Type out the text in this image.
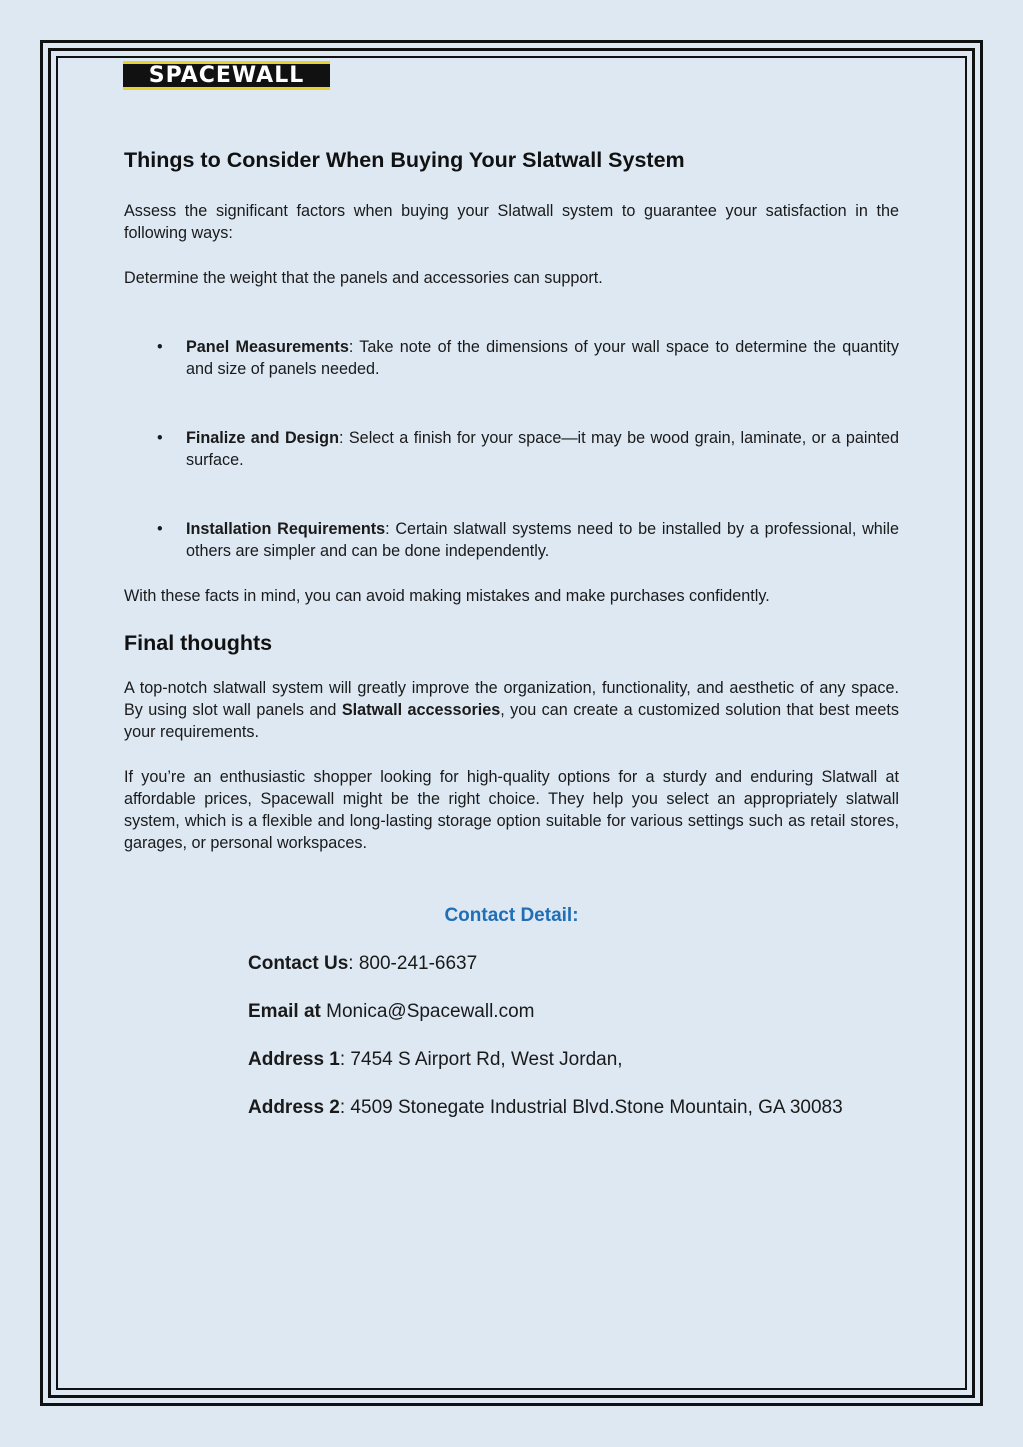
SPACEWALL
Things to Consider When Buying Your Slatwall System

Assess the significant factors when buying your Slatwall system to guarantee your satisfaction in the following ways:

Determine the weight that the panels and accessories can support.

• Panel Measurements: Take note of the dimensions of your wall space to determine the quantity and size of panels needed.
• Finalize and Design: Select a finish for your space—it may be wood grain, laminate, or a painted surface.
• Installation Requirements: Certain slatwall systems need to be installed by a professional, while others are simpler and can be done independently.

With these facts in mind, you can avoid making mistakes and make purchases confidently.

Final thoughts

A top-notch slatwall system will greatly improve the organization, functionality, and aesthetic of any space. By using slot wall panels and Slatwall accessories, you can create a customized solution that best meets your requirements.

If you’re an enthusiastic shopper looking for high-quality options for a sturdy and enduring Slatwall at affordable prices, Spacewall might be the right choice. They help you select an appropriately slatwall system, which is a flexible and long-lasting storage option suitable for various settings such as retail stores, garages, or personal workspaces.

Contact Detail:
Contact Us: 800-241-6637
Email at Monica@Spacewall.com
Address 1: 7454 S Airport Rd, West Jordan,
Address 2: 4509 Stonegate Industrial Blvd.Stone Mountain, GA 30083
